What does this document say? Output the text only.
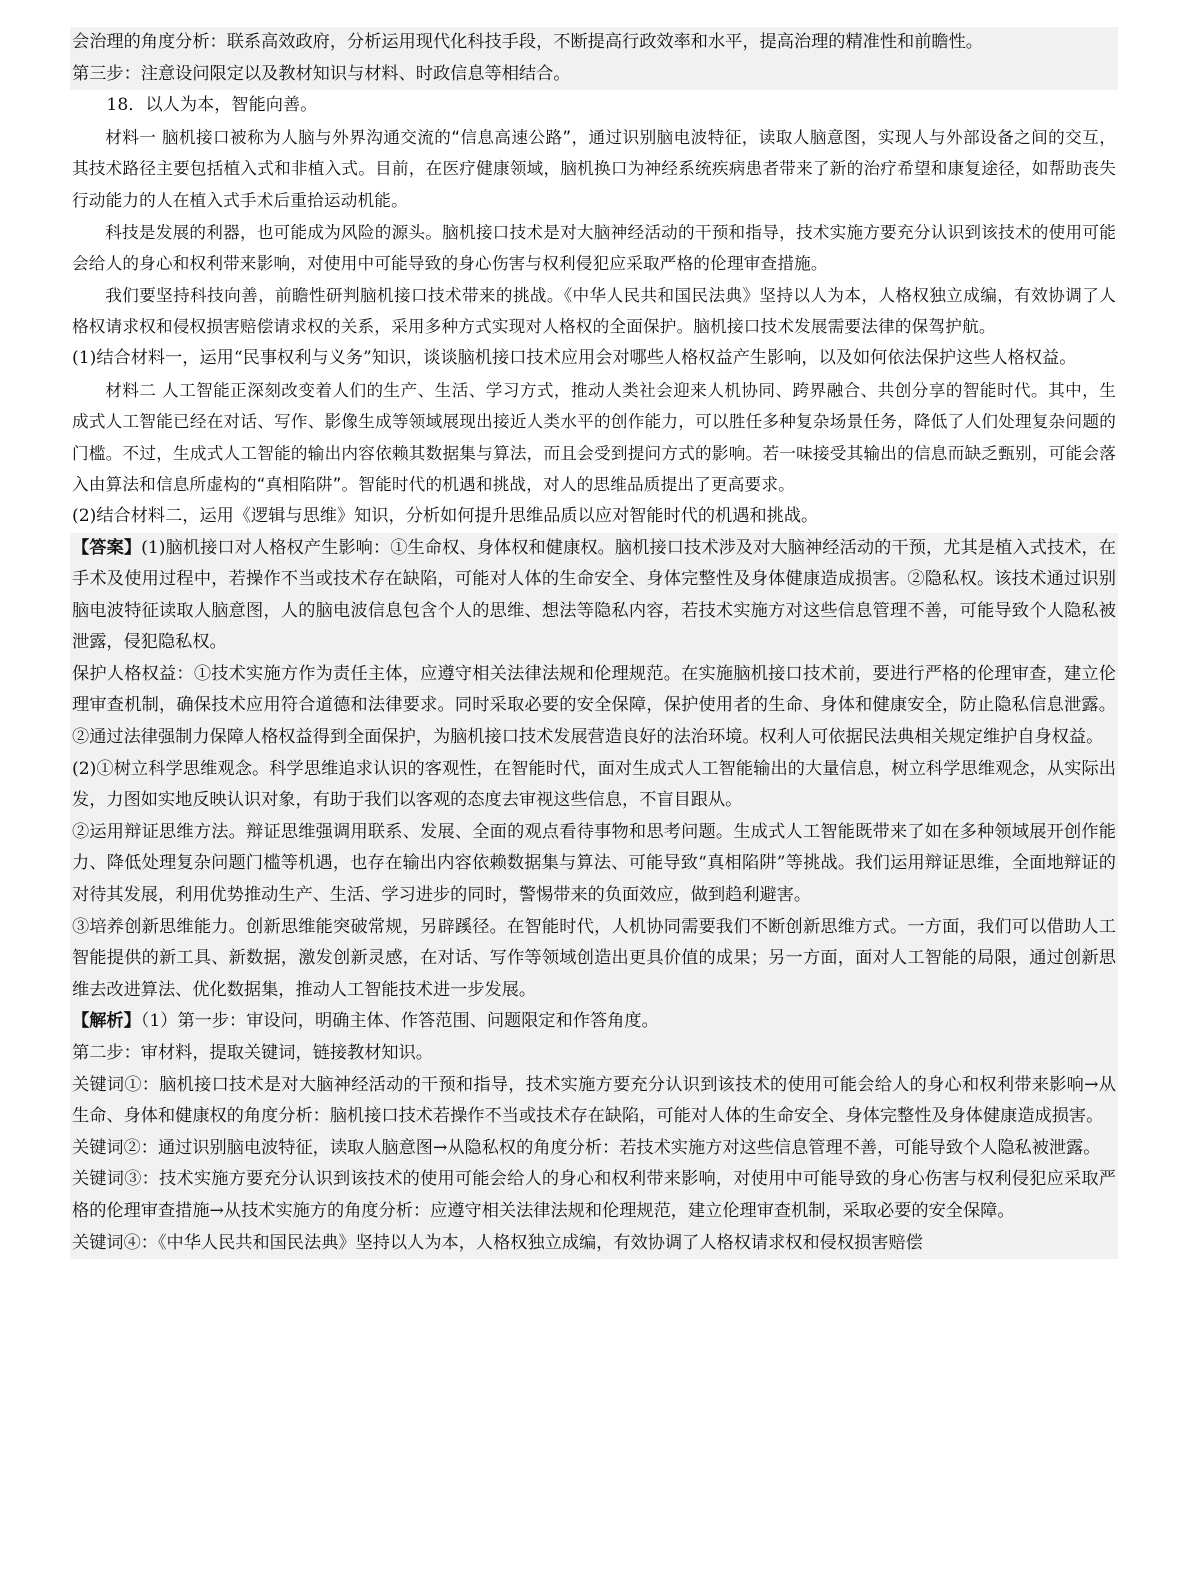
会治理的角度分析：联系高效政府，分析运用现代化科技手段，不断提高行政效率和水平，提高治理的精准性和前瞻性。

第三步：注意设问限定以及教材知识与材料、时政信息等相结合。

18．以人为本，智能向善。

材料一 脑机接口被称为人脑与外界沟通交流的“信息高速公路”，通过识别脑电波特征，读取人脑意图，实现人与外部设备之间的交互，其技术路径主要包括植入式和非植入式。目前，在医疗健康领域，脑机换口为神经系统疾病患者带来了新的治疗希望和康复途径，如帮助丧失行动能力的人在植入式手术后重拾运动机能。

科技是发展的利器，也可能成为风险的源头。脑机接口技术是对大脑神经活动的干预和指导，技术实施方要充分认识到该技术的使用可能会给人的身心和权利带来影响，对使用中可能导致的身心伤害与权利侵犯应采取严格的伦理审查措施。

我们要坚持科技向善，前瞻性研判脑机接口技术带来的挑战。《中华人民共和国民法典》坚持以人为本，人格权独立成编，有效协调了人格权请求权和侵权损害赔偿请求权的关系，采用多种方式实现对人格权的全面保护。脑机接口技术发展需要法律的保驾护航。

(1)结合材料一，运用“民事权利与义务”知识，谈谈脑机接口技术应用会对哪些人格权益产生影响，以及如何依法保护这些人格权益。

材料二 人工智能正深刻改变着人们的生产、生活、学习方式，推动人类社会迎来人机协同、跨界融合、共创分享的智能时代。其中，生成式人工智能已经在对话、写作、影像生成等领域展现出接近人类水平的创作能力，可以胜任多种复杂场景任务，降低了人们处理复杂问题的门槛。不过，生成式人工智能的输出内容依赖其数据集与算法，而且会受到提问方式的影响。若一味接受其输出的信息而缺乏甄别，可能会落入由算法和信息所虚构的“真相陷阱”。智能时代的机遇和挑战，对人的思维品质提出了更高要求。

(2)结合材料二，运用《逻辑与思维》知识，分析如何提升思维品质以应对智能时代的机遇和挑战。

【答案】(1)脑机接口对人格权产生影响：①生命权、身体权和健康权。脑机接口技术涉及对大脑神经活动的干预，尤其是植入式技术，在手术及使用过程中，若操作不当或技术存在缺陷，可能对人体的生命安全、身体完整性及身体健康造成损害。②隐私权。该技术通过识别脑电波特征读取人脑意图，人的脑电波信息包含个人的思维、想法等隐私内容，若技术实施方对这些信息管理不善，可能导致个人隐私被泄露，侵犯隐私权。

保护人格权益：①技术实施方作为责任主体，应遵守相关法律法规和伦理规范。在实施脑机接口技术前，要进行严格的伦理审查，建立伦理审查机制，确保技术应用符合道德和法律要求。同时采取必要的安全保障，保护使用者的生命、身体和健康安全，防止隐私信息泄露。②通过法律强制力保障人格权益得到全面保护，为脑机接口技术发展营造良好的法治环境。权利人可依据民法典相关规定维护自身权益。

(2)①树立科学思维观念。科学思维追求认识的客观性，在智能时代，面对生成式人工智能输出的大量信息，树立科学思维观念，从实际出发，力图如实地反映认识对象，有助于我们以客观的态度去审视这些信息，不盲目跟从。

②运用辩证思维方法。辩证思维强调用联系、发展、全面的观点看待事物和思考问题。生成式人工智能既带来了如在多种领域展开创作能力、降低处理复杂问题门槛等机遇，也存在输出内容依赖数据集与算法、可能导致“真相陷阱”等挑战。我们运用辩证思维，全面地辩证的对待其发展，利用优势推动生产、生活、学习进步的同时，警惕带来的负面效应，做到趋利避害。

③培养创新思维能力。创新思维能突破常规，另辟蹊径。在智能时代，人机协同需要我们不断创新思维方式。一方面，我们可以借助人工智能提供的新工具、新数据，激发创新灵感，在对话、写作等领域创造出更具价值的成果；另一方面，面对人工智能的局限，通过创新思维去改进算法、优化数据集，推动人工智能技术进一步发展。

【解析】（1）第一步：审设问，明确主体、作答范围、问题限定和作答角度。

第二步：审材料，提取关键词，链接教材知识。

关键词①：脑机接口技术是对大脑神经活动的干预和指导，技术实施方要充分认识到该技术的使用可能会给人的身心和权利带来影响→从生命、身体和健康权的角度分析：脑机接口技术若操作不当或技术存在缺陷，可能对人体的生命安全、身体完整性及身体健康造成损害。

关键词②：通过识别脑电波特征，读取人脑意图→从隐私权的角度分析：若技术实施方对这些信息管理不善，可能导致个人隐私被泄露。

关键词③：技术实施方要充分认识到该技术的使用可能会给人的身心和权利带来影响，对使用中可能导致的身心伤害与权利侵犯应采取严格的伦理审查措施→从技术实施方的角度分析：应遵守相关法律法规和伦理规范，建立伦理审查机制，采取必要的安全保障。

关键词④：《中华人民共和国民法典》坚持以人为本，人格权独立成编，有效协调了人格权请求权和侵权损害赔偿
